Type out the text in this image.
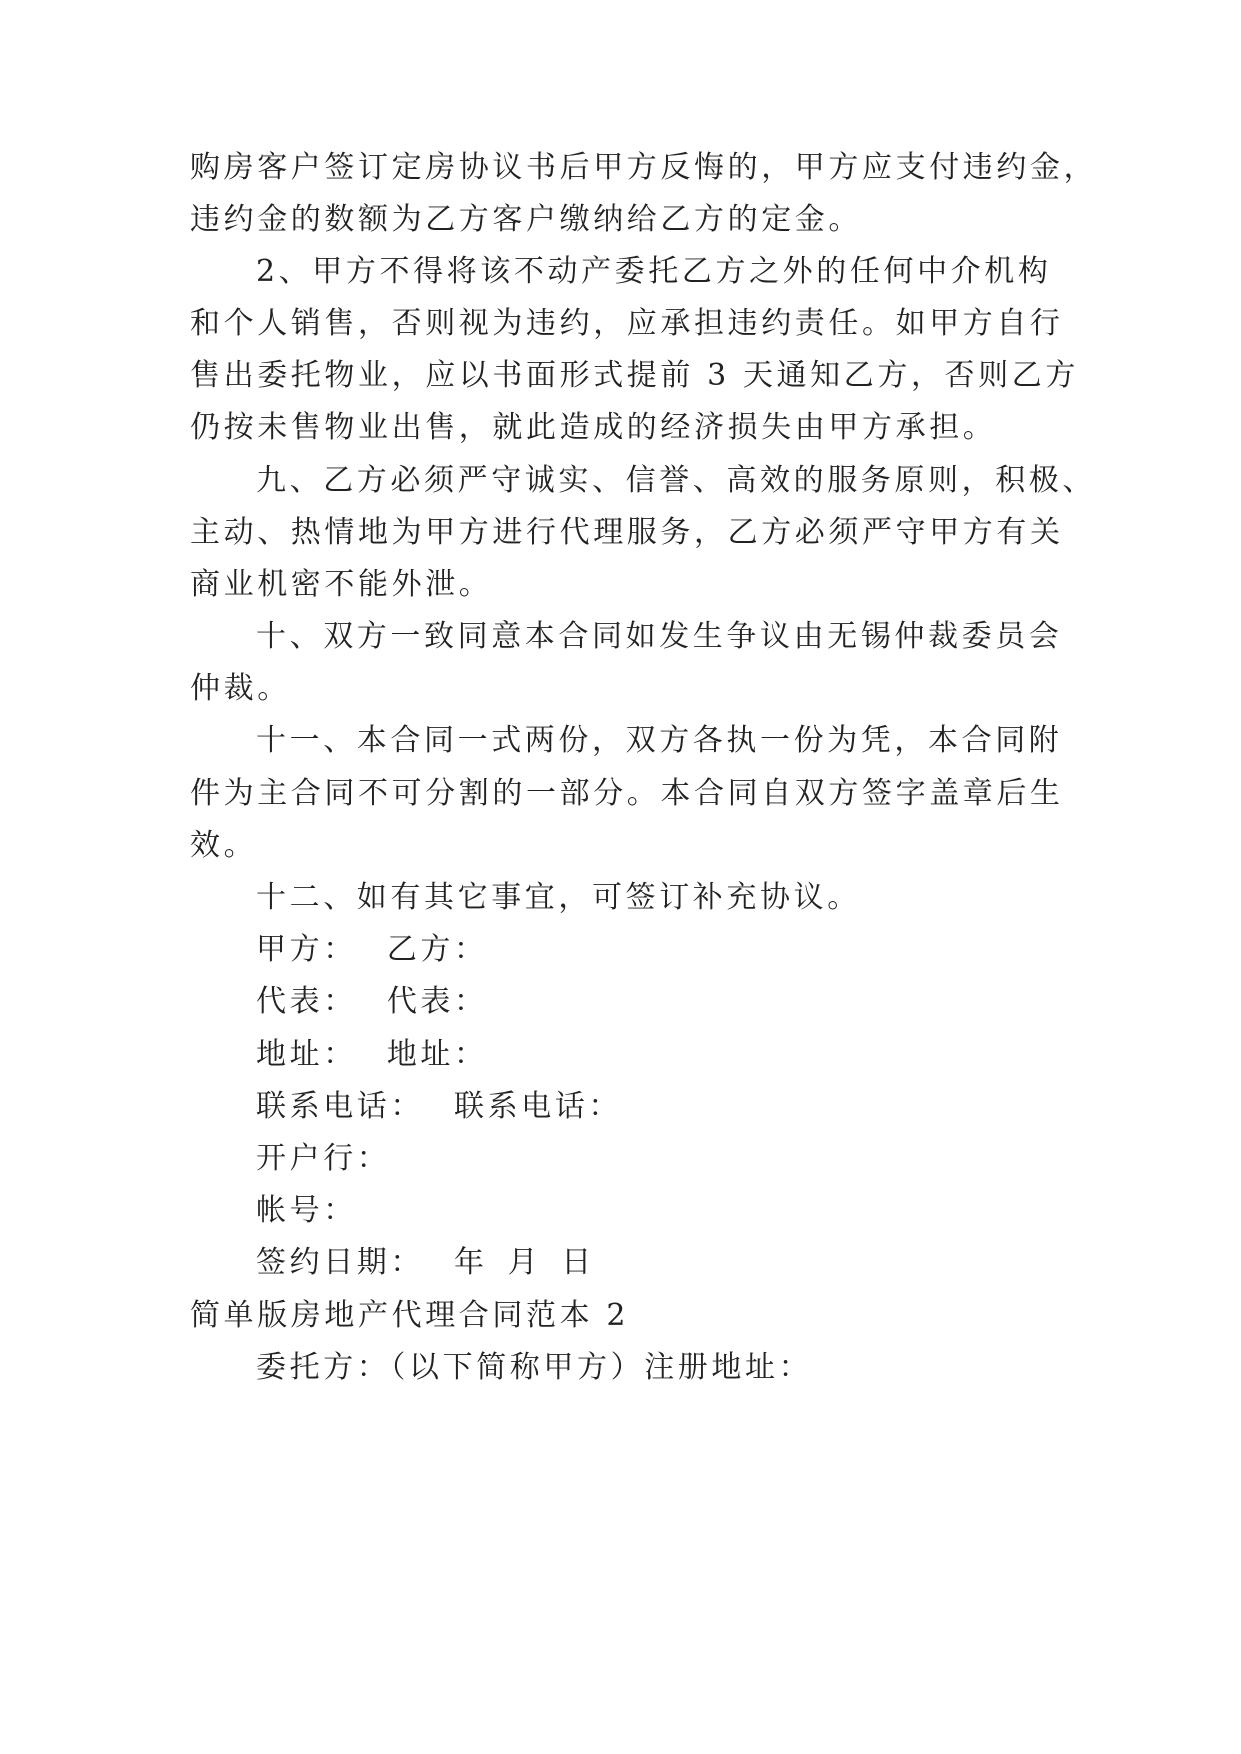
购房客户签订定房协议书后甲方反悔的，甲方应支付违约金，
违约金的数额为乙方客户缴纳给乙方的定金。
2、甲方不得将该不动产委托乙方之外的任何中介机构
和个人销售，否则视为违约，应承担违约责任。如甲方自行
售出委托物业，应以书面形式提前 3 天通知乙方，否则乙方
仍按未售物业出售，就此造成的经济损失由甲方承担。
九、乙方必须严守诚实、信誉、高效的服务原则，积极、
主动、热情地为甲方进行代理服务，乙方必须严守甲方有关
商业机密不能外泄。
十、双方一致同意本合同如发生争议由无锡仲裁委员会
仲裁。
十一、本合同一式两份，双方各执一份为凭，本合同附
件为主合同不可分割的一部分。本合同自双方签字盖章后生
效。
十二、如有其它事宜，可签订补充协议。
甲方： 乙方：
代表： 代表：
地址： 地址：
联系电话： 联系电话：
开户行：
帐号：
签约日期： 年 月 日
简单版房地产代理合同范本 2
委托方：（以下简称甲方）注册地址：
